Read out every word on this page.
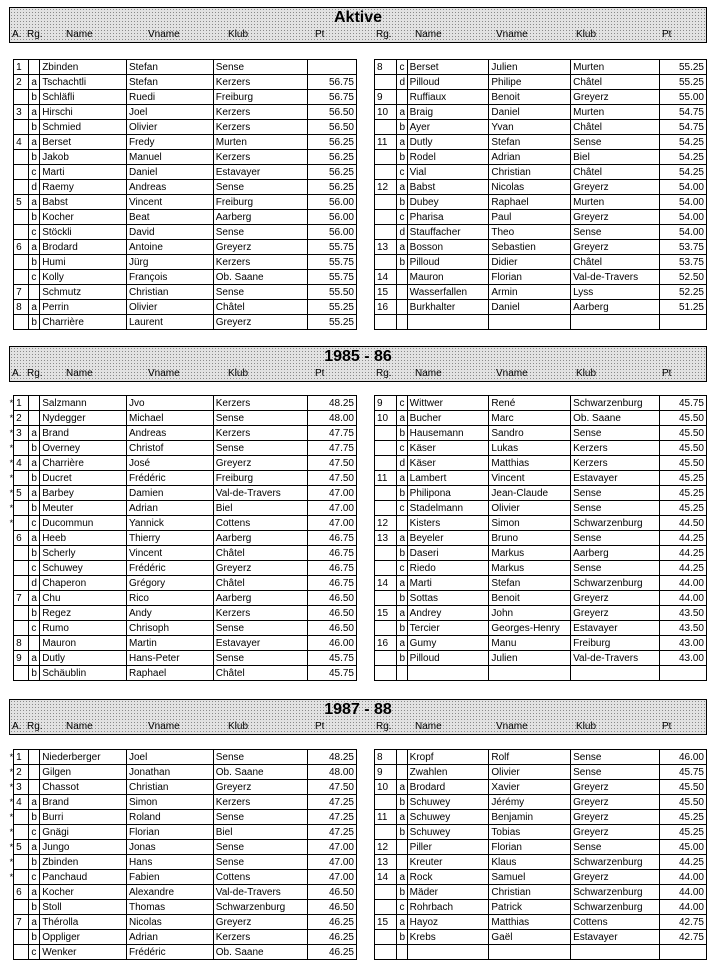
Aktive
A. Rg. Name	Vname	Klub	Pt	Rg. Name	Vname	Klub	Pt
	1		Zbinden	Stefan	Sense	
	2	a	Tschachtli	Stefan	Kerzers	56.75
		b	Schläfli	Ruedi	Freiburg	56.75
	3	a	Hirschi	Joel	Kerzers	56.50
		b	Schmied	Olivier	Kerzers	56.50
	4	a	Berset	Fredy	Murten	56.25
		b	Jakob	Manuel	Kerzers	56.25
		c	Marti	Daniel	Estavayer	56.25
		d	Raemy	Andreas	Sense	56.25
	5	a	Babst	Vincent	Freiburg	56.00
		b	Kocher	Beat	Aarberg	56.00
		c	Stöckli	David	Sense	56.00
	6	a	Brodard	Antoine	Greyerz	55.75
		b	Humi	Jürg	Kerzers	55.75
		c	Kolly	François	Ob. Saane	55.75
	7		Schmutz	Christian	Sense	55.50
	8	a	Perrin	Olivier	Châtel	55.25
		b	Charrière	Laurent	Greyerz	55.25
8	c	Berset	Julien	Murten	55.25
	d	Pilloud	Philipe	Châtel	55.25
9		Ruffiaux	Benoit	Greyerz	55.00
10	a	Braig	Daniel	Murten	54.75
	b	Ayer	Yvan	Châtel	54.75
11	a	Dutly	Stefan	Sense	54.25
	b	Rodel	Adrian	Biel	54.25
	c	Vial	Christian	Châtel	54.25
12	a	Babst	Nicolas	Greyerz	54.00
	b	Dubey	Raphael	Murten	54.00
	c	Pharisa	Paul	Greyerz	54.00
	d	Stauffacher	Theo	Sense	54.00
13	a	Bosson	Sebastien	Greyerz	53.75
	b	Pilloud	Didier	Châtel	53.75
14		Mauron	Florian	Val-de-Travers	52.50
15		Wasserfallen	Armin	Lyss	52.25
16		Burkhalter	Daniel	Aarberg	51.25

1985 - 86
A. Rg. Name	Vname	Klub	Pt	Rg. Name	Vname	Klub	Pt
*	1		Salzmann	Jvo	Kerzers	48.25
*	2		Nydegger	Michael	Sense	48.00
*	3	a	Brand	Andreas	Kerzers	47.75
*		b	Overney	Christof	Sense	47.75
*	4	a	Charrière	José	Greyerz	47.50
*		b	Ducret	Frédéric	Freiburg	47.50
*	5	a	Barbey	Damien	Val-de-Travers	47.00
*		b	Meuter	Adrian	Biel	47.00
*		c	Ducommun	Yannick	Cottens	47.00
	6	a	Heeb	Thierry	Aarberg	46.75
		b	Scherly	Vincent	Châtel	46.75
		c	Schuwey	Frédéric	Greyerz	46.75
		d	Chaperon	Grégory	Châtel	46.75
	7	a	Chu	Rico	Aarberg	46.50
		b	Regez	Andy	Kerzers	46.50
		c	Rumo	Chrisoph	Sense	46.50
	8		Mauron	Martin	Estavayer	46.00
	9	a	Dutly	Hans-Peter	Sense	45.75
		b	Schäublin	Raphael	Châtel	45.75
9	c	Wittwer	René	Schwarzenburg	45.75
10	a	Bucher	Marc	Ob. Saane	45.50
	b	Hausemann	Sandro	Sense	45.50
	c	Käser	Lukas	Kerzers	45.50
	d	Käser	Matthias	Kerzers	45.50
11	a	Lambert	Vincent	Estavayer	45.25
	b	Philipona	Jean-Claude	Sense	45.25
	c	Stadelmann	Olivier	Sense	45.25
12		Kisters	Simon	Schwarzenburg	44.50
13	a	Beyeler	Bruno	Sense	44.25
	b	Daseri	Markus	Aarberg	44.25
	c	Riedo	Markus	Sense	44.25
14	a	Marti	Stefan	Schwarzenburg	44.00
	b	Sottas	Benoit	Greyerz	44.00
15	a	Andrey	John	Greyerz	43.50
	b	Tercier	Georges-Henry	Estavayer	43.50
16	a	Gumy	Manu	Freiburg	43.00
	b	Pilloud	Julien	Val-de-Travers	43.00

1987 - 88
A. Rg. Name	Vname	Klub	Pt	Rg. Name	Vname	Klub	Pt
*	1		Niederberger	Joel	Sense	48.25
*	2		Gilgen	Jonathan	Ob. Saane	48.00
*	3		Chassot	Christian	Greyerz	47.50
*	4	a	Brand	Simon	Kerzers	47.25
*		b	Burri	Roland	Sense	47.25
*		c	Gnägi	Florian	Biel	47.25
*	5	a	Jungo	Jonas	Sense	47.00
*		b	Zbinden	Hans	Sense	47.00
*		c	Panchaud	Fabien	Cottens	47.00
	6	a	Kocher	Alexandre	Val-de-Travers	46.50
		b	Stoll	Thomas	Schwarzenburg	46.50
	7	a	Thérolla	Nicolas	Greyerz	46.25
		b	Oppliger	Adrian	Kerzers	46.25
		c	Wenker	Frédéric	Ob. Saane	46.25
8		Kropf	Rolf	Sense	46.00
9		Zwahlen	Olivier	Sense	45.75
10	a	Brodard	Xavier	Greyerz	45.50
	b	Schuwey	Jérémy	Greyerz	45.50
11	a	Schuwey	Benjamin	Greyerz	45.25
	b	Schuwey	Tobias	Greyerz	45.25
12		Piller	Florian	Sense	45.00
13		Kreuter	Klaus	Schwarzenburg	44.25
14	a	Rock	Samuel	Greyerz	44.00
	b	Mäder	Christian	Schwarzenburg	44.00
	c	Rohrbach	Patrick	Schwarzenburg	44.00
15	a	Hayoz	Matthias	Cottens	42.75
	b	Krebs	Gaël	Estavayer	42.75
